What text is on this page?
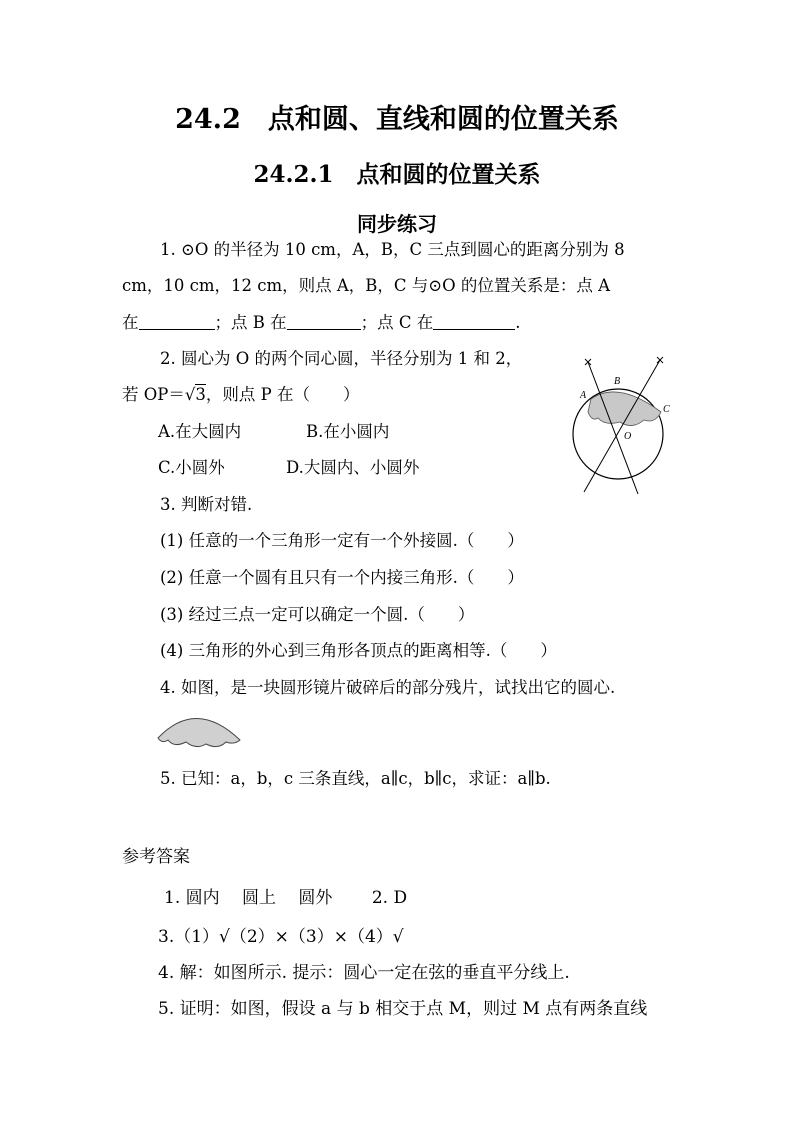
24.2　点和圆、直线和圆的位置关系
24.2.1　点和圆的位置关系
同步练习
1. ⊙O 的半径为 10 cm，A，B，C 三点到圆心的距离分别为 8
cm，10 cm，12 cm，则点 A，B，C 与⊙O 的位置关系是：点 A
在	；点 B 在	；点 C 在	.
2. 圆心为 O 的两个同心圆，半径分别为 1 和 2，
若 OP＝√3，则点 P 在（　　）
A.在大圆内	B.在小圆内
C.小圆外	D.大圆内、小圆外
A
B
C
O
3. 判断对错.
(1) 任意的一个三角形一定有一个外接圆.（　　）
(2) 任意一个圆有且只有一个内接三角形.（　　）
(3) 经过三点一定可以确定一个圆.（　　）
(4) 三角形的外心到三角形各顶点的距离相等.（　　）
4. 如图，是一块圆形镜片破碎后的部分残片，试找出它的圆心.
5. 已知：a，b，c 三条直线，a∥c，b∥c，求证：a∥b.
参考答案
1. 圆内　 圆上　 圆外　　 2. D
3.（1）√（2）×（3）×（4）√
4. 解：如图所示. 提示：圆心一定在弦的垂直平分线上.
5. 证明：如图，假设 a 与 b 相交于点 M，则过 M 点有两条直线
